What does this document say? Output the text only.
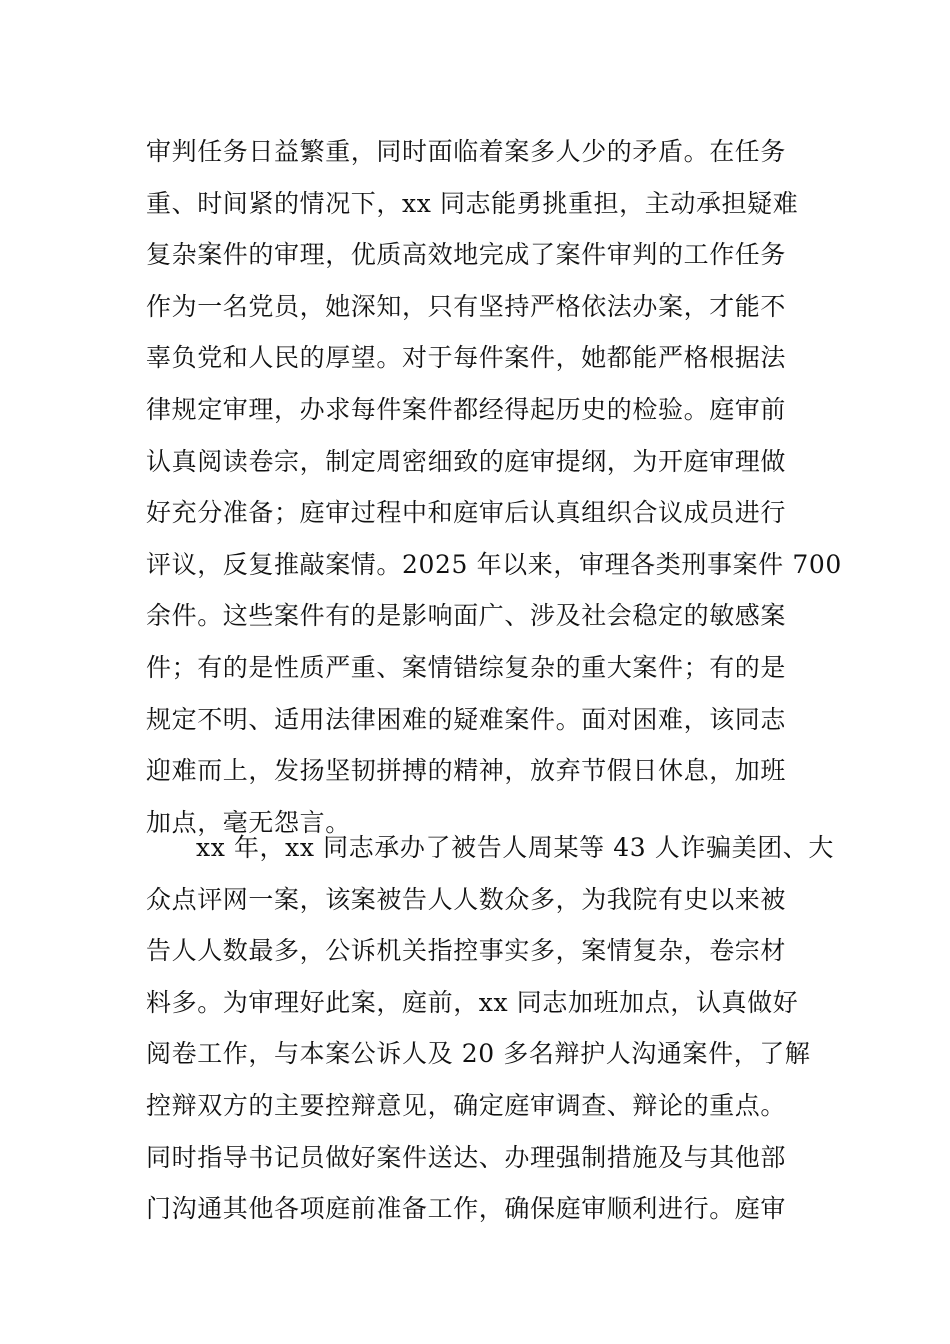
审判任务日益繁重，同时面临着案多人少的矛盾。在任务
重、时间紧的情况下，xx 同志能勇挑重担，主动承担疑难
复杂案件的审理，优质高效地完成了案件审判的工作任务
作为一名党员，她深知，只有坚持严格依法办案，才能不
辜负党和人民的厚望。对于每件案件，她都能严格根据法
律规定审理，办求每件案件都经得起历史的检验。庭审前
认真阅读卷宗，制定周密细致的庭审提纲，为开庭审理做
好充分准备；庭审过程中和庭审后认真组织合议成员进行
评议，反复推敲案情。2025 年以来，审理各类刑事案件 700
余件。这些案件有的是影响面广、涉及社会稳定的敏感案
件；有的是性质严重、案情错综复杂的重大案件；有的是
规定不明、适用法律困难的疑难案件。面对困难，该同志
迎难而上，发扬坚韧拼搏的精神，放弃节假日休息，加班
加点，毫无怨言。
xx 年，xx 同志承办了被告人周某等 43 人诈骗美团、大
众点评网一案，该案被告人人数众多，为我院有史以来被
告人人数最多，公诉机关指控事实多，案情复杂，卷宗材
料多。为审理好此案，庭前，xx 同志加班加点，认真做好
阅卷工作，与本案公诉人及 20 多名辩护人沟通案件，了解
控辩双方的主要控辩意见，确定庭审调查、辩论的重点。
同时指导书记员做好案件送达、办理强制措施及与其他部
门沟通其他各项庭前准备工作，确保庭审顺利进行。庭审
